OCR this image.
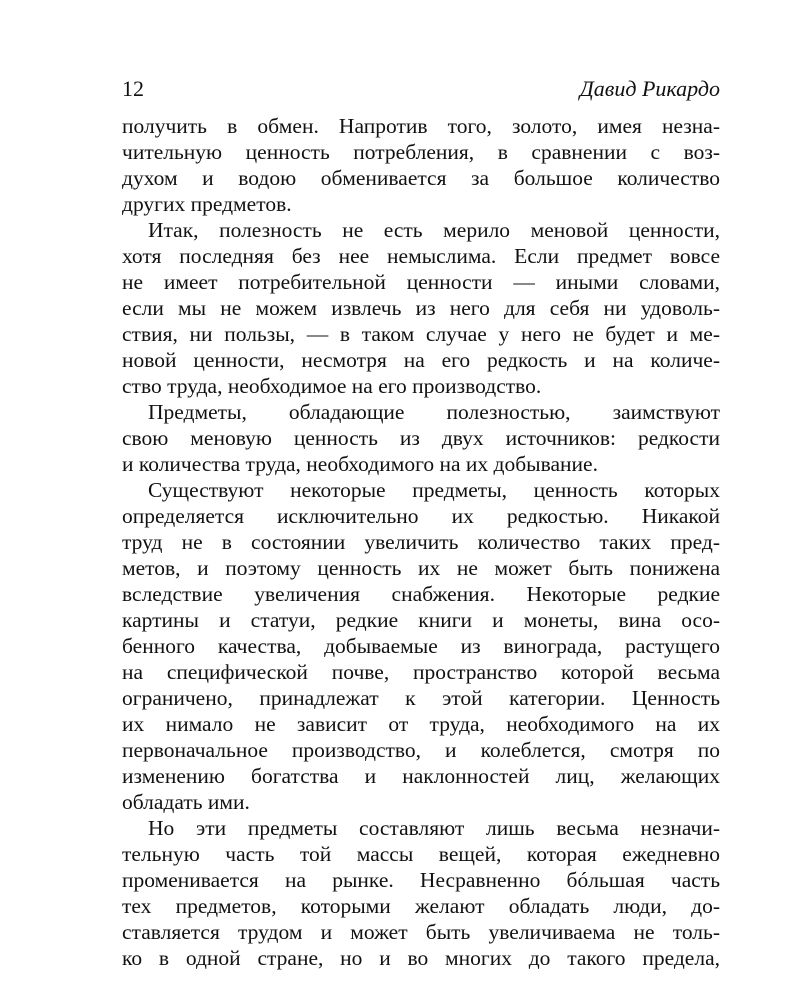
12	Давид Рикардо
получить в обмен. Напротив того, золото, имея незна-
чительную ценность потребления, в сравнении с воз-
духом и водою обменивается за большое количество
других предметов.
Итак, полезность не есть мерило меновой ценности,
хотя последняя без нее немыслима. Если предмет вовсе
не имеет потребительной ценности — иными словами,
если мы не можем извлечь из него для себя ни удоволь-
ствия, ни пользы, — в таком случае у него не будет и ме-
новой ценности, несмотря на его редкость и на количе-
ство труда, необходимое на его производство.
Предметы, обладающие полезностью, заимствуют
свою меновую ценность из двух источников: редкости
и количества труда, необходимого на их добывание.
Существуют некоторые предметы, ценность которых
определяется исключительно их редкостью. Никакой
труд не в состоянии увеличить количество таких пред-
метов, и поэтому ценность их не может быть понижена
вследствие увеличения снабжения. Некоторые редкие
картины и статуи, редкие книги и монеты, вина осо-
бенного качества, добываемые из винограда, растущего
на специфической почве, пространство которой весьма
ограничено, принадлежат к этой категории. Ценность
их нимало не зависит от труда, необходимого на их
первоначальное производство, и колеблется, смотря по
изменению богатства и наклонностей лиц, желающих
обладать ими.
Но эти предметы составляют лишь весьма незначи-
тельную часть той массы вещей, которая ежедневно
променивается на рынке. Несравненно бóльшая часть
тех предметов, которыми желают обладать люди, до-
ставляется трудом и может быть увеличиваема не толь-
ко в одной стране, но и во многих до такого предела,
